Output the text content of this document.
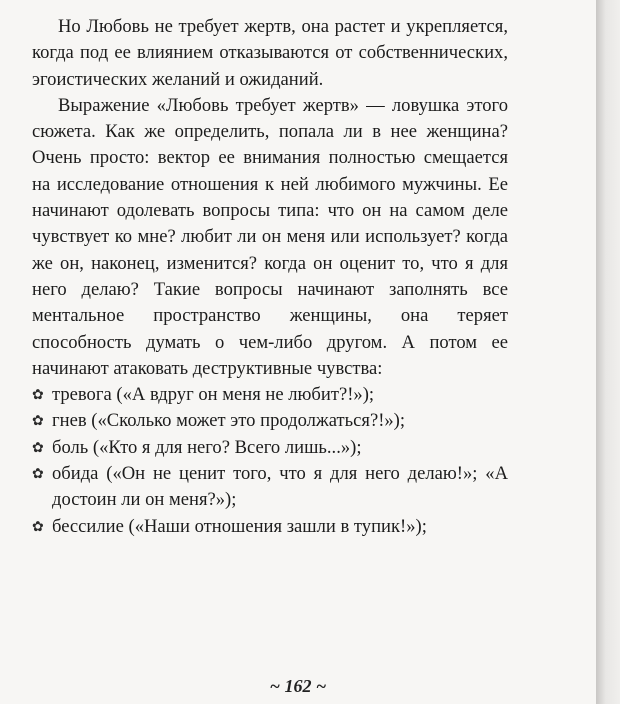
Но Любовь не требует жертв, она растет и укрепляется, когда под ее влиянием отказываются от собственнических, эгоистических желаний и ожиданий.

Выражение «Любовь требует жертв» — ловушка этого сюжета. Как же определить, попала ли в нее женщина? Очень просто: вектор ее внимания полностью смещается на исследование отношения к ней любимого мужчины. Ее начинают одолевать вопросы типа: что он на самом деле чувствует ко мне? любит ли он меня или использует? когда же он, наконец, изменится? когда он оценит то, что я для него делаю? Такие вопросы начинают заполнять все ментальное пространство женщины, она теряет способность думать о чем-либо другом. А потом ее начинают атаковать деструктивные чувства:

✿ тревога («А вдруг он меня не любит?!»);
✿ гнев («Сколько может это продолжаться?!»);
✿ боль («Кто я для него? Всего лишь...»);
✿ обида («Он не ценит того, что я для него делаю!»; «А достоин ли он меня?»);
✿ бессилие («Наши отношения зашли в тупик!»);
~ 162 ~
